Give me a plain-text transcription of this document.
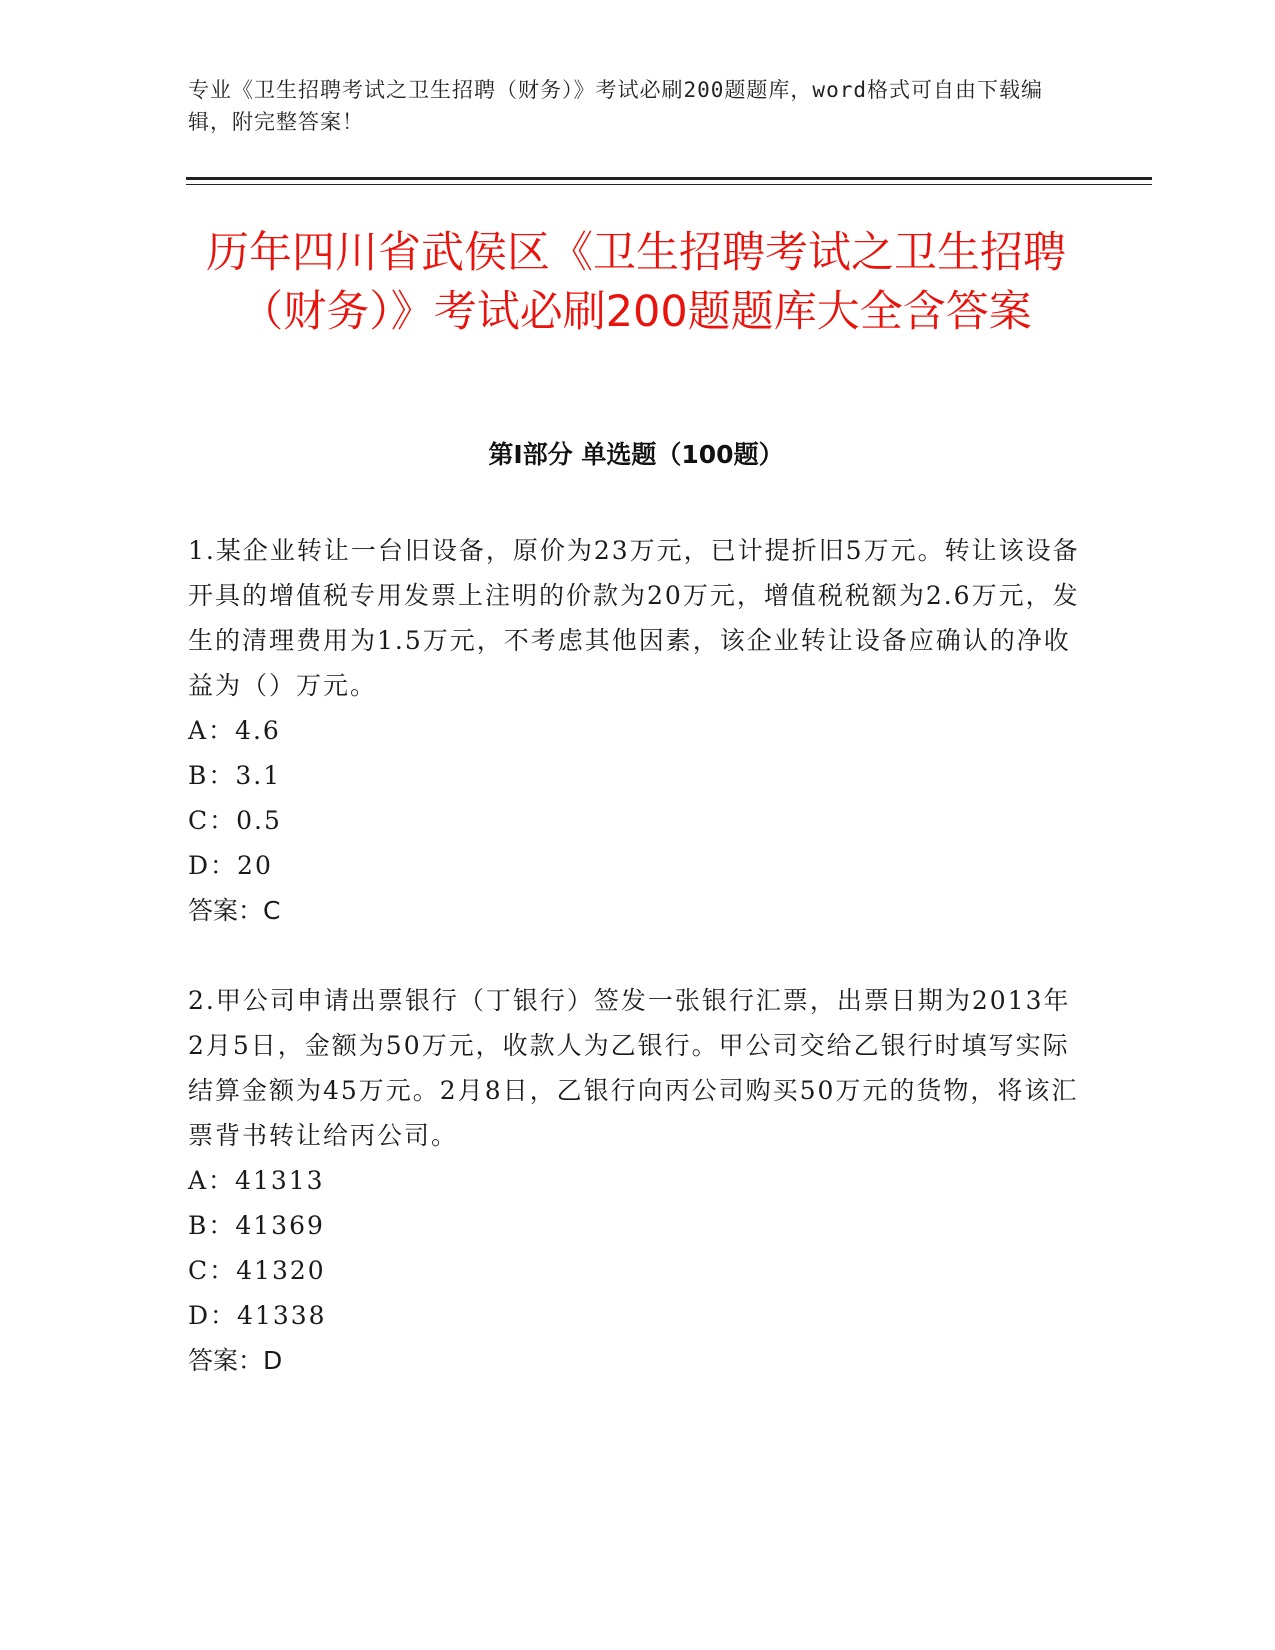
专业《卫生招聘考试之卫生招聘（财务）》考试必刷200题题库，word格式可自由下载编辑，附完整答案！

历年四川省武侯区《卫生招聘考试之卫生招聘（财务）》考试必刷200题题库大全含答案
第Ⅰ部分 单选题（100题）

1.某企业转让一台旧设备，原价为23万元，已计提折旧5万元。转让该设备开具的增值税专用发票上注明的价款为20万元，增值税税额为2.6万元，发生的清理费用为1.5万元，不考虑其他因素，该企业转让设备应确认的净收益为（）万元。

A：4.6

B：3.1

C：0.5

D：20

答案：C

2.甲公司申请出票银行（丁银行）签发一张银行汇票，出票日期为2013年2月5日，金额为50万元，收款人为乙银行。甲公司交给乙银行时填写实际结算金额为45万元。2月8日，乙银行向丙公司购买50万元的货物，将该汇票背书转让给丙公司。

A：41313

B：41369

C：41320

D：41338

答案：D
